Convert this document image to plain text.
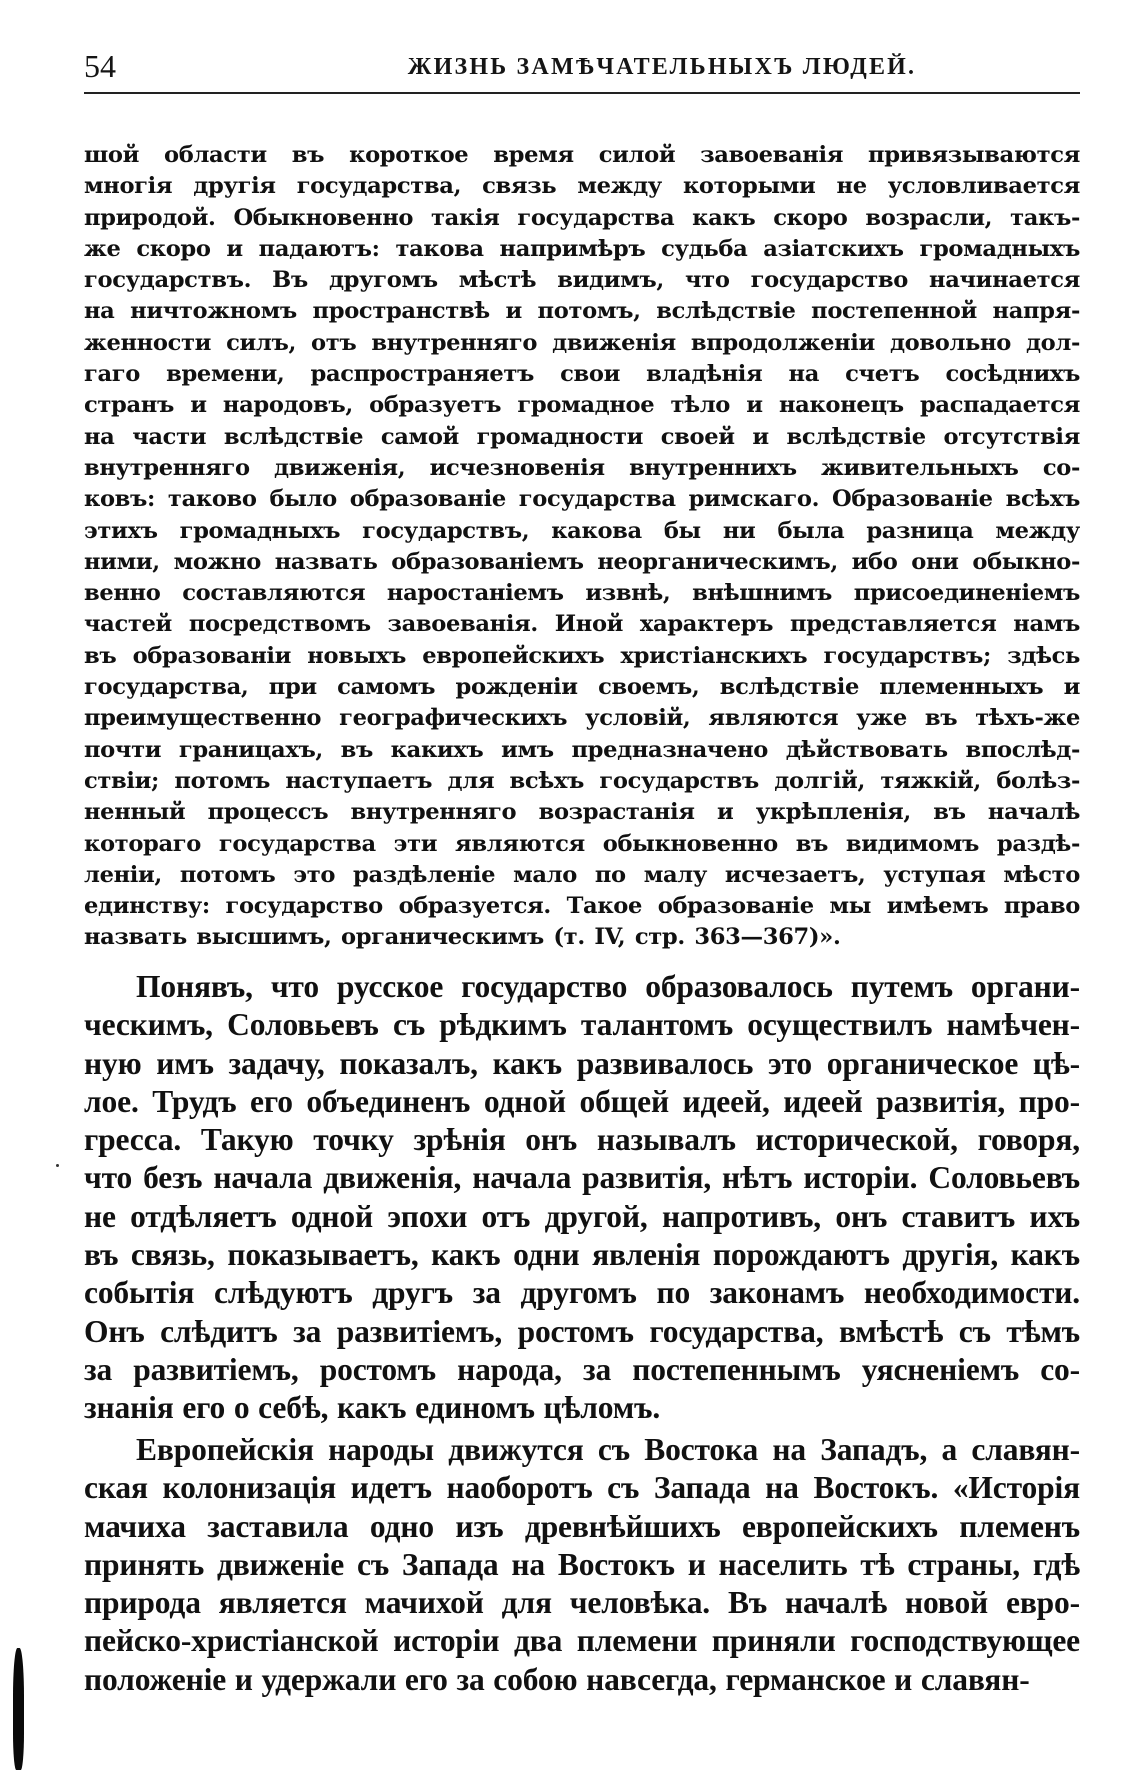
54	ЖИЗНЬ ЗАМѢЧАТЕЛЬНЫХЪ ЛЮДЕЙ.
шой области въ короткое время силой завоеванія привязываются
многія другія государства, связь между которыми не условливается
природой. Обыкновенно такія государства какъ скоро возрасли, такъ-
же скоро и падаютъ: такова напримѣръ судьба азіатскихъ громадныхъ
государствъ. Въ другомъ мѣстѣ видимъ, что государство начинается
на ничтожномъ пространствѣ и потомъ, вслѣдствіе постепенной напря-
женности силъ, отъ внутренняго движенія впродолженіи довольно дол-
гаго времени, распространяетъ свои владѣнія на счетъ сосѣднихъ
странъ и народовъ, образуетъ громадное тѣло и наконецъ распадается
на части вслѣдствіе самой громадности своей и вслѣдствіе отсутствія
внутренняго движенія, исчезновенія внутреннихъ живительныхъ со-
ковъ: таково было образованіе государства римскаго. Образованіе всѣхъ
этихъ громадныхъ государствъ, какова бы ни была разница между
ними, можно назвать образованіемъ неорганическимъ, ибо они обыкно-
венно составляются наростаніемъ извнѣ, внѣшнимъ присоединеніемъ
частей посредствомъ завоеванія. Иной характеръ представляется намъ
въ образованіи новыхъ европейскихъ христіанскихъ государствъ; здѣсь
государства, при самомъ рожденіи своемъ, вслѣдствіе племенныхъ и
преимущественно географическихъ условій, являются уже въ тѣхъ-же
почти границахъ, въ какихъ имъ предназначено дѣйствовать впослѣд-
ствіи; потомъ наступаетъ для всѣхъ государствъ долгій, тяжкій, болѣз-
ненный процессъ внутренняго возрастанія и укрѣпленія, въ началѣ
котораго государства эти являются обыкновенно въ видимомъ раздѣ-
леніи, потомъ это раздѣленіе мало по малу исчезаетъ, уступая мѣсто
единству: государство образуется. Такое образованіе мы имѣемъ право
назвать высшимъ, органическимъ (т. IV, стр. 363—367)».
Понявъ, что русское государство образовалось путемъ органи-
ческимъ, Соловьевъ съ рѣдкимъ талантомъ осуществилъ намѣчен-
ную имъ задачу, показалъ, какъ развивалось это органическое цѣ-
лое. Трудъ его объединенъ одной общей идеей, идеей развитія, про-
гресса. Такую точку зрѣнія онъ называлъ исторической, говоря,
что безъ начала движенія, начала развитія, нѣтъ исторіи. Соловьевъ
не отдѣляетъ одной эпохи отъ другой, напротивъ, онъ ставитъ ихъ
въ связь, показываетъ, какъ одни явленія порождаютъ другія, какъ
событія слѣдуютъ другъ за другомъ по законамъ необходимости.
Онъ слѣдитъ за развитіемъ, ростомъ государства, вмѣстѣ съ тѣмъ
за развитіемъ, ростомъ народа, за постепеннымъ уясненіемъ со-
знанія его о себѣ, какъ единомъ цѣломъ.
Европейскія народы движутся съ Востока на Западъ, а славян-
ская колонизація идетъ наоборотъ съ Запада на Востокъ. «Исторія
мачиха заставила одно изъ древнѣйшихъ европейскихъ племенъ
принять движеніе съ Запада на Востокъ и населить тѣ страны, гдѣ
природа является мачихой для человѣка. Въ началѣ новой евро-
пейско-христіанской исторіи два племени приняли господствующее
положеніе и удержали его за собою навсегда, германское и славян-
